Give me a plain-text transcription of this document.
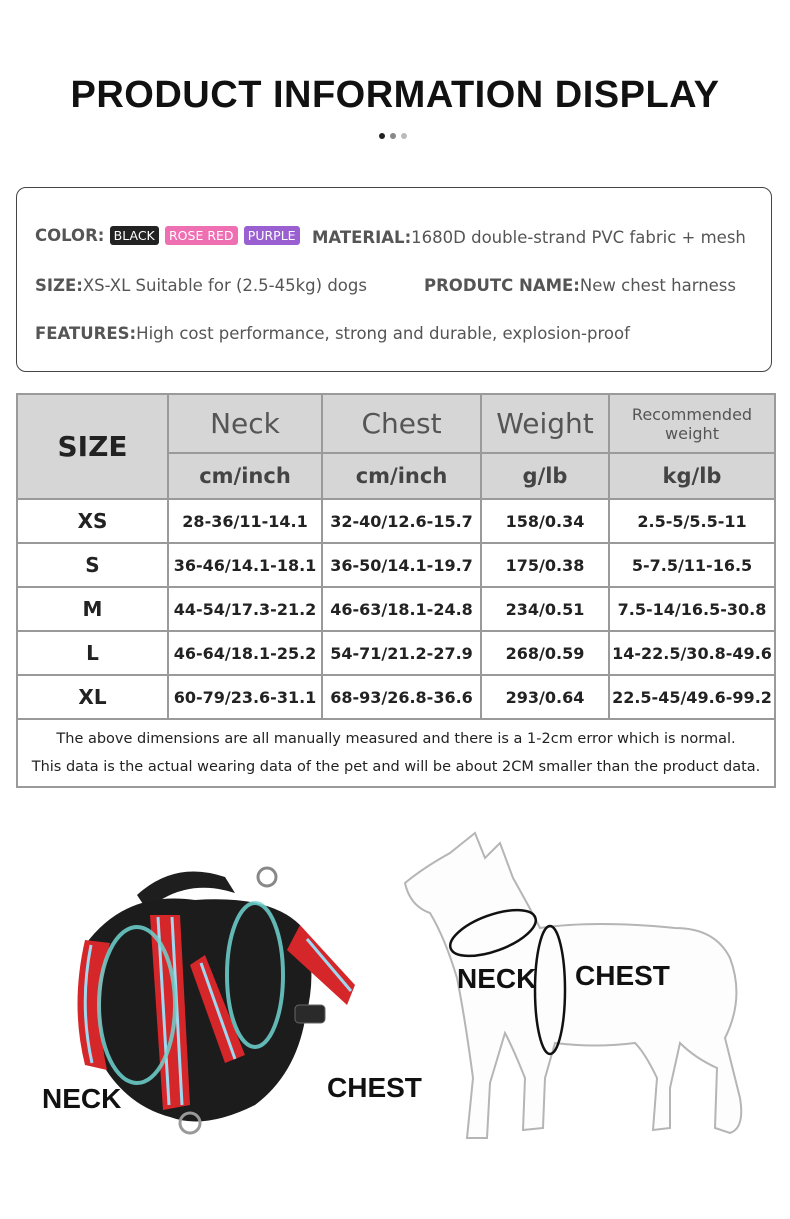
PRODUCT INFORMATION DISPLAY
COLOR: BLACK ROSE RED PURPLE MATERIAL:1680D double-strand PVC fabric + mesh
SIZE:XS-XL Suitable for (2.5-45kg) dogs	PRODUTC NAME:New chest harness
FEATURES:High cost performance, strong and durable, explosion-proof
SIZE	Neck	Chest	Weight	Recommended weight
	cm/inch	cm/inch	g/lb	kg/lb
XS	28-36/11-14.1	32-40/12.6-15.7	158/0.34	2.5-5/5.5-11
S	36-46/14.1-18.1	36-50/14.1-19.7	175/0.38	5-7.5/11-16.5
M	44-54/17.3-21.2	46-63/18.1-24.8	234/0.51	7.5-14/16.5-30.8
L	46-64/18.1-25.2	54-71/21.2-27.9	268/0.59	14-22.5/30.8-49.6
XL	60-79/23.6-31.1	68-93/26.8-36.6	293/0.64	22.5-45/49.6-99.2

The above dimensions are all manually measured and there is a 1-2cm error which is normal.
This data is the actual wearing data of the pet and will be about 2CM smaller than the product data.				
NECK	CHEST
NECK CHEST
